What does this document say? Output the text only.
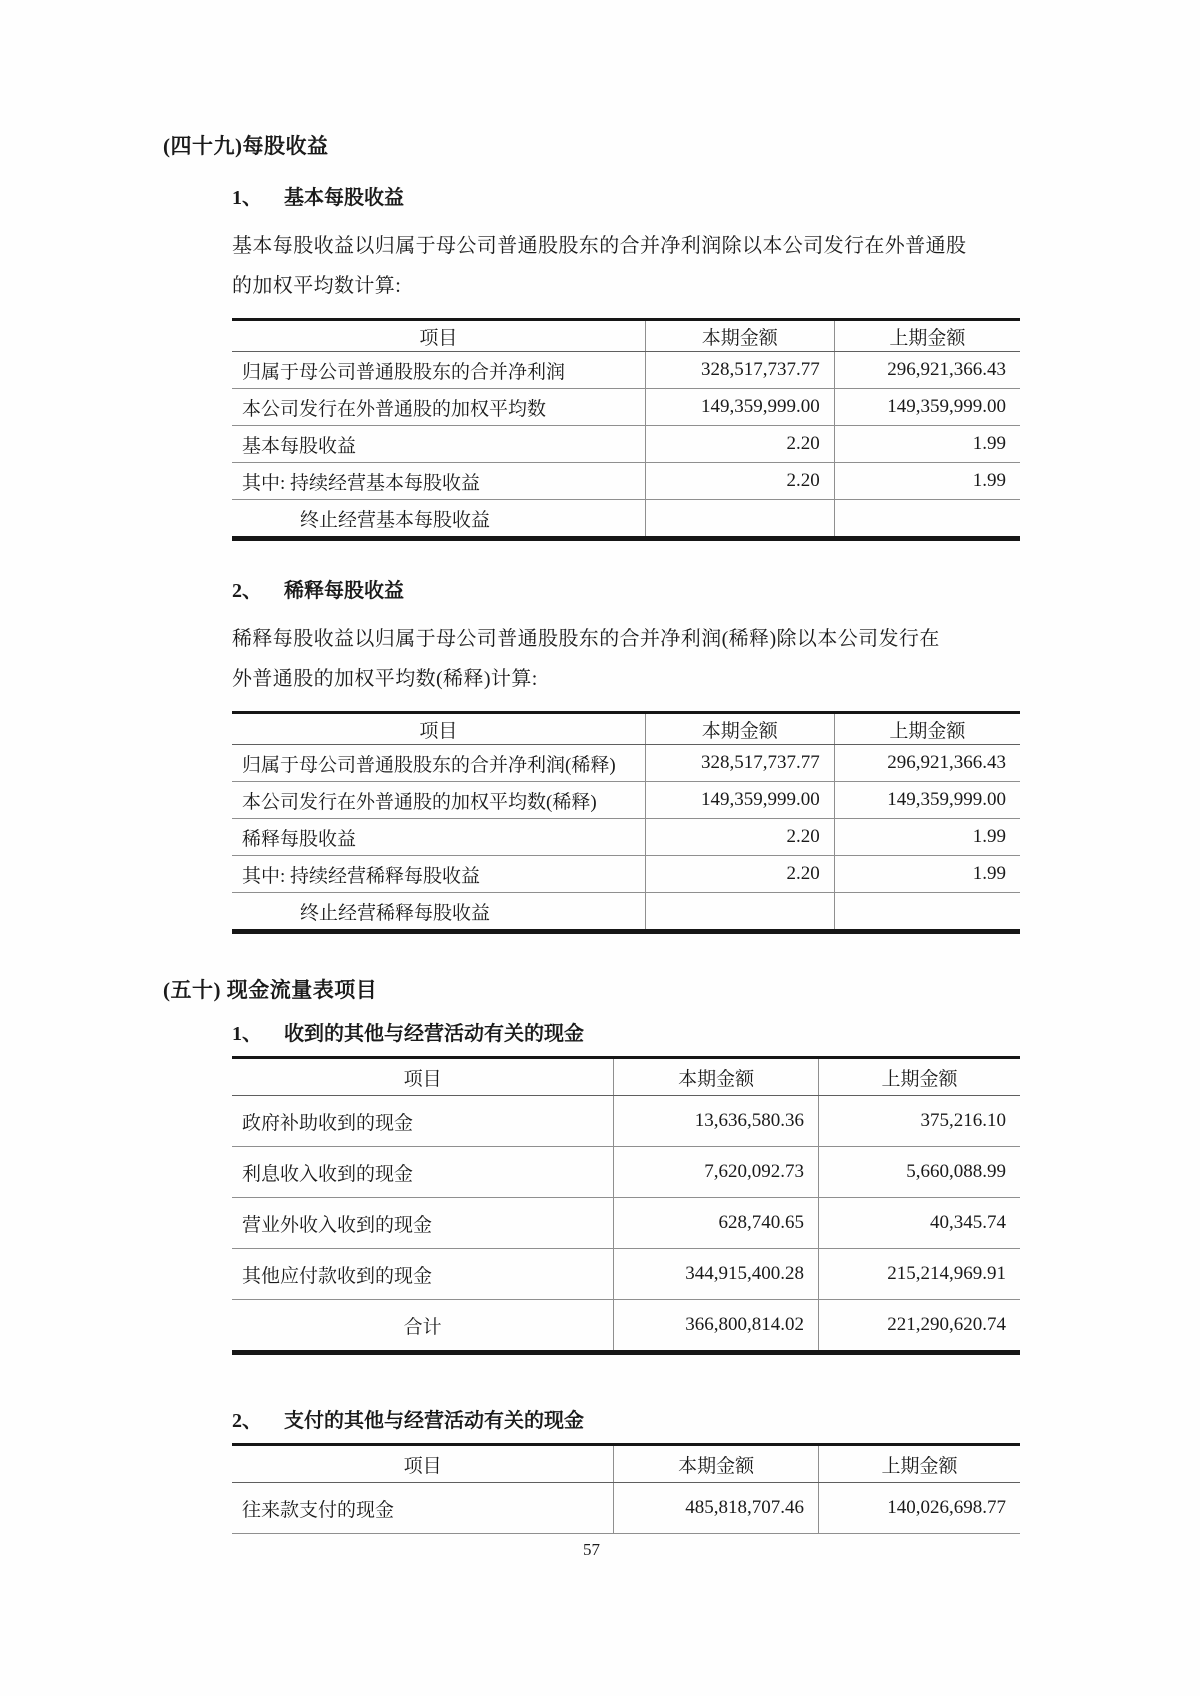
(四十九)每股收益
1、 基本每股收益
基本每股收益以归属于母公司普通股股东的合并净利润除以本公司发行在外普通股
的加权平均数计算:
项目	本期金额	上期金额
归属于母公司普通股股东的合并净利润	328,517,737.77	296,921,366.43
本公司发行在外普通股的加权平均数	149,359,999.00	149,359,999.00
基本每股收益	2.20	1.99
其中: 持续经营基本每股收益	2.20	1.99
终止经营基本每股收益
2、 稀释每股收益
稀释每股收益以归属于母公司普通股股东的合并净利润(稀释)除以本公司发行在
外普通股的加权平均数(稀释)计算:
项目	本期金额	上期金额
归属于母公司普通股股东的合并净利润(稀释)	328,517,737.77	296,921,366.43
本公司发行在外普通股的加权平均数(稀释)	149,359,999.00	149,359,999.00
稀释每股收益	2.20	1.99
其中: 持续经营稀释每股收益	2.20	1.99
终止经营稀释每股收益
(五十) 现金流量表项目
1、 收到的其他与经营活动有关的现金
项目	本期金额	上期金额
政府补助收到的现金	13,636,580.36	375,216.10
利息收入收到的现金	7,620,092.73	5,660,088.99
营业外收入收到的现金	628,740.65	40,345.74
其他应付款收到的现金	344,915,400.28	215,214,969.91
合计	366,800,814.02	221,290,620.74
2、 支付的其他与经营活动有关的现金
项目	本期金额	上期金额
往来款支付的现金	485,818,707.46	140,026,698.77
57
